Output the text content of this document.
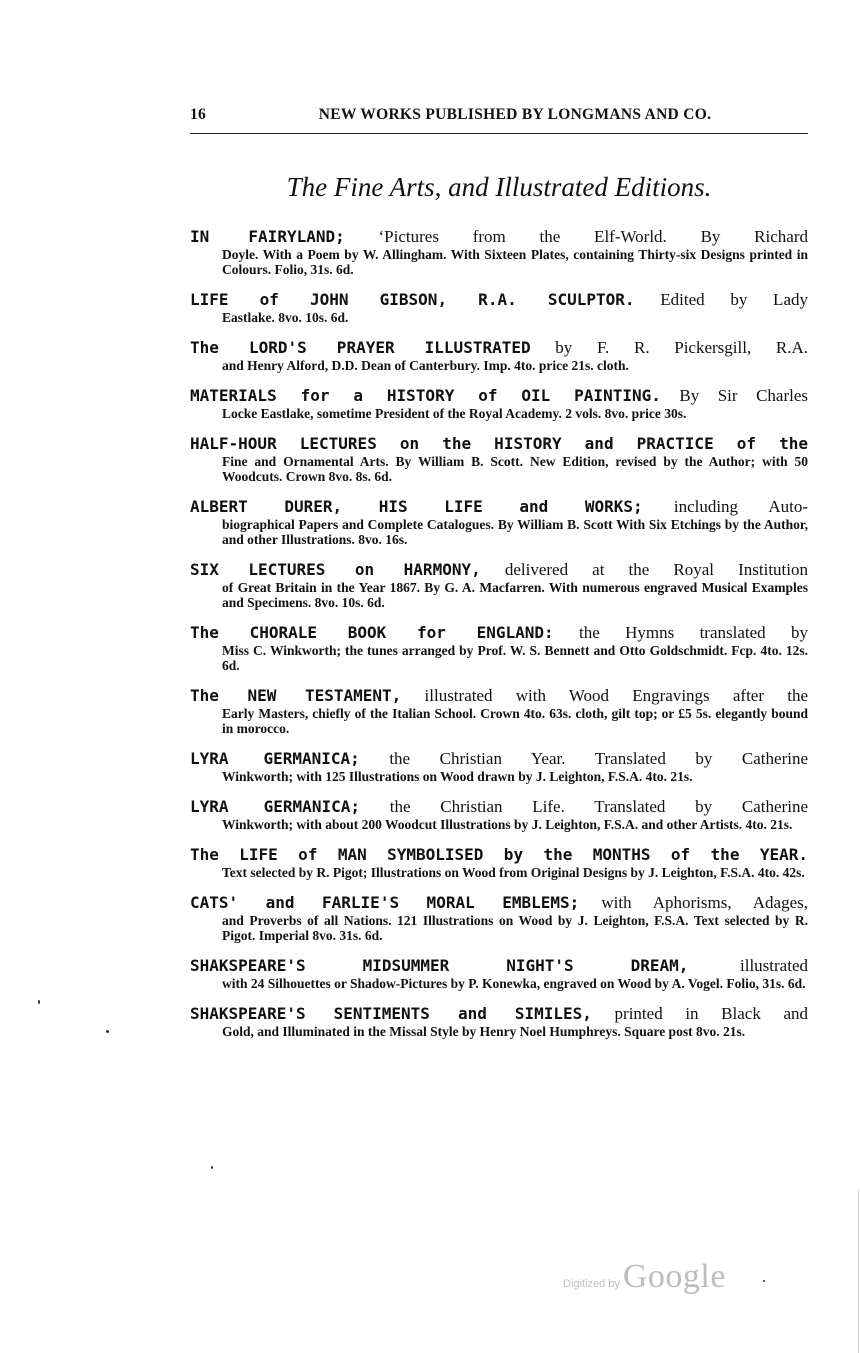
16	NEW WORKS PUBLISHED BY LONGMANS AND CO.
The Fine Arts, and Illustrated Editions.
IN FAIRYLAND; ‘Pictures from the Elf-World. By Richard
Doyle. With a Poem by W. Allingham. With Sixteen Plates, containing Thirty-six Designs printed in Colours. Folio, 31s. 6d.
LIFE of JOHN GIBSON, R.A. SCULPTOR. Edited by Lady
Eastlake. 8vo. 10s. 6d.
The LORD'S PRAYER ILLUSTRATED by F. R. Pickersgill, R.A.
and Henry Alford, D.D. Dean of Canterbury. Imp. 4to. price 21s. cloth.
MATERIALS for a HISTORY of OIL PAINTING. By Sir Charles
Locke Eastlake, sometime President of the Royal Academy. 2 vols. 8vo. price 30s.
HALF-HOUR LECTURES on the HISTORY and PRACTICE of the
Fine and Ornamental Arts. By William B. Scott. New Edition, revised by the Author; with 50 Woodcuts. Crown 8vo. 8s. 6d.
ALBERT DURER, HIS LIFE and WORKS; including Auto-
biographical Papers and Complete Catalogues. By William B. Scott With Six Etchings by the Author, and other Illustrations. 8vo. 16s.
SIX LECTURES on HARMONY, delivered at the Royal Institution
of Great Britain in the Year 1867. By G. A. Macfarren. With numerous engraved Musical Examples and Specimens. 8vo. 10s. 6d.
The CHORALE BOOK for ENGLAND: the Hymns translated by
Miss C. Winkworth; the tunes arranged by Prof. W. S. Bennett and Otto Goldschmidt. Fcp. 4to. 12s. 6d.
The NEW TESTAMENT, illustrated with Wood Engravings after the
Early Masters, chiefly of the Italian School. Crown 4to. 63s. cloth, gilt top; or £5 5s. elegantly bound in morocco.
LYRA GERMANICA; the Christian Year. Translated by Catherine
Winkworth; with 125 Illustrations on Wood drawn by J. Leighton, F.S.A. 4to. 21s.
LYRA GERMANICA; the Christian Life. Translated by Catherine
Winkworth; with about 200 Woodcut Illustrations by J. Leighton, F.S.A. and other Artists. 4to. 21s.
The LIFE of MAN SYMBOLISED by the MONTHS of the YEAR.
Text selected by R. Pigot; Illustrations on Wood from Original Designs by J. Leighton, F.S.A. 4to. 42s.
CATS' and FARLIE'S MORAL EMBLEMS; with Aphorisms, Adages,
and Proverbs of all Nations. 121 Illustrations on Wood by J. Leighton, F.S.A. Text selected by R. Pigot. Imperial 8vo. 31s. 6d.
SHAKSPEARE'S MIDSUMMER NIGHT'S DREAM, illustrated
with 24 Silhouettes or Shadow-Pictures by P. Konewka, engraved on Wood by A. Vogel. Folio, 31s. 6d.
SHAKSPEARE'S SENTIMENTS and SIMILES, printed in Black and
Gold, and Illuminated in the Missal Style by Henry Noel Humphreys. Square post 8vo. 21s.
Digitized by Google
